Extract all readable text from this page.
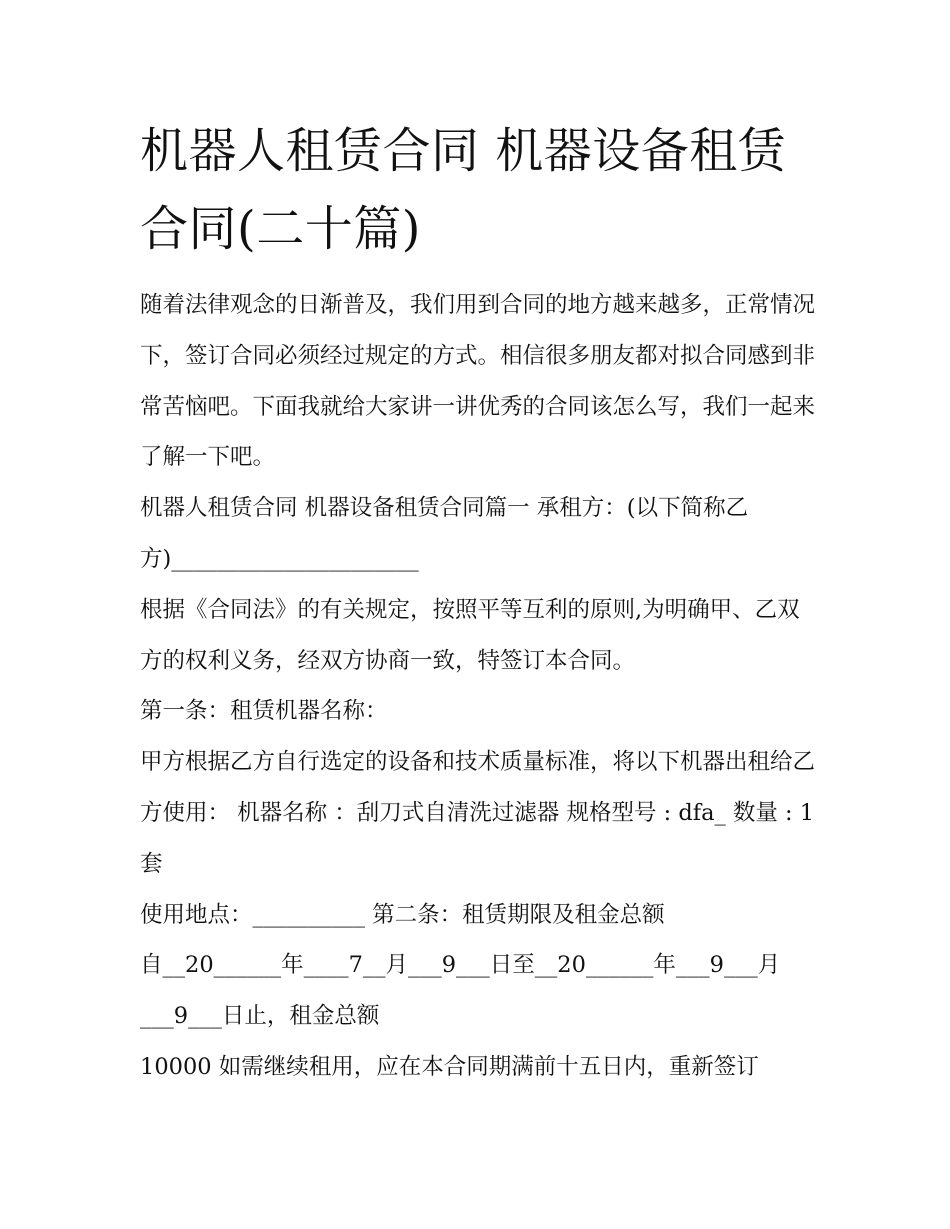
机器人租赁合同 机器设备租赁合同(二十篇)

随着法律观念的日渐普及，我们用到合同的地方越来越多，正常情况下，签订合同必须经过规定的方式。相信很多朋友都对拟合同感到非常苦恼吧。下面我就给大家讲一讲优秀的合同该怎么写，我们一起来了解一下吧。

机器人租赁合同 机器设备租赁合同篇一 承租方：(以下简称乙方)______________________

根据《合同法》的有关规定，按照平等互利的原则,为明确甲、乙双方的权利义务，经双方协商一致，特签订本合同。

第一条：租赁机器名称：

甲方根据乙方自行选定的设备和技术质量标准，将以下机器出租给乙方使用： 机器名称 ：刮刀式自清洗过滤器 规格型号 : dfa_ 数量 : 1 套

使用地点：__________ 第二条：租赁期限及租金总额

自__20______年____7__月___9___日至__20______年___9___月___9___日止，租金总额

10000 如需继续租用，应在本合同期满前十五日内，重新签订
